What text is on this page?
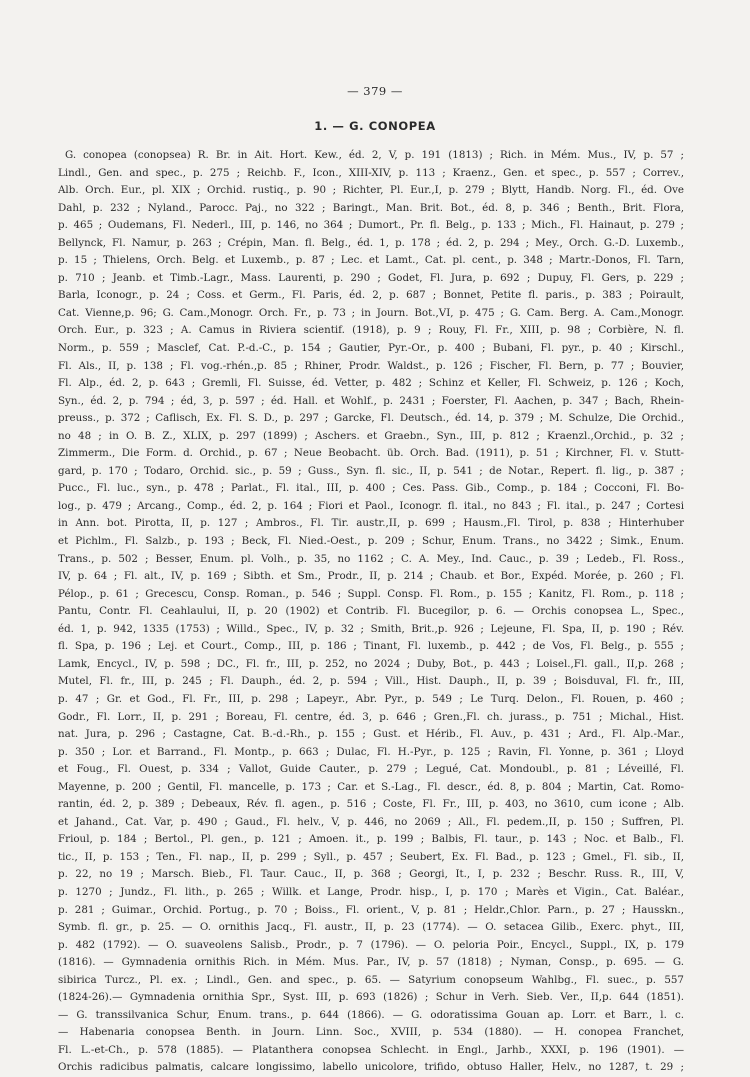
— 379 —
1. — G. CONOPEA
G. conopea (conopsea) R. Br. in Ait. Hort. Kew., éd. 2, V, p. 191 (1813) ; Rich. in Mém. Mus., IV, p. 57 ;
Lindl., Gen. and spec., p. 275 ; Reichb. F., Icon., XIII-XIV, p. 113 ; Kraenz., Gen. et spec., p. 557 ; Correv.,
Alb. Orch. Eur., pl. XIX ; Orchid. rustiq., p. 90 ; Richter, Pl. Eur.,I, p. 279 ; Blytt, Handb. Norg. Fl., éd. Ove
Dahl, p. 232 ; Nyland., Parocc. Paj., no 322 ; Baringt., Man. Brit. Bot., éd. 8, p. 346 ; Benth., Brit. Flora,
p. 465 ; Oudemans, Fl. Nederl., III, p. 146, no 364 ; Dumort., Pr. fl. Belg., p. 133 ; Mich., Fl. Hainaut, p. 279 ;
Bellynck, Fl. Namur, p. 263 ; Crépin, Man. fl. Belg., éd. 1, p. 178 ; éd. 2, p. 294 ; Mey., Orch. G.-D. Luxemb.,
p. 15 ; Thielens, Orch. Belg. et Luxemb., p. 87 ; Lec. et Lamt., Cat. pl. cent., p. 348 ; Martr.-Donos, Fl. Tarn,
p. 710 ; Jeanb. et Timb.-Lagr., Mass. Laurenti, p. 290 ; Godet, Fl. Jura, p. 692 ; Dupuy, Fl. Gers, p. 229 ;
Barla, Iconogr., p. 24 ; Coss. et Germ., Fl. Paris, éd. 2, p. 687 ; Bonnet, Petite fl. paris., p. 383 ; Poirault,
Cat. Vienne,p. 96; G. Cam.,Monogr. Orch. Fr., p. 73 ; in Journ. Bot.,VI, p. 475 ; G. Cam. Berg. A. Cam.,Monogr.
Orch. Eur., p. 323 ; A. Camus in Riviera scientif. (1918), p. 9 ; Rouy, Fl. Fr., XIII, p. 98 ; Corbière, N. fl.
Norm., p. 559 ; Masclef, Cat. P.-d.-C., p. 154 ; Gautier, Pyr.-Or., p. 400 ; Bubani, Fl. pyr., p. 40 ; Kirschl.,
Fl. Als., II, p. 138 ; Fl. vog.-rhén.,p. 85 ; Rhiner, Prodr. Waldst., p. 126 ; Fischer, Fl. Bern, p. 77 ; Bouvier,
Fl. Alp., éd. 2, p. 643 ; Gremli, Fl. Suisse, éd. Vetter, p. 482 ; Schinz et Keller, Fl. Schweiz, p. 126 ; Koch,
Syn., éd. 2, p. 794 ; éd, 3, p. 597 ; éd. Hall. et Wohlf., p. 2431 ; Foerster, Fl. Aachen, p. 347 ; Bach, Rhein-
preuss., p. 372 ; Caflisch, Ex. Fl. S. D., p. 297 ; Garcke, Fl. Deutsch., éd. 14, p. 379 ; M. Schulze, Die Orchid.,
no 48 ; in O. B. Z., XLIX, p. 297 (1899) ; Aschers. et Graebn., Syn., III, p. 812 ; Kraenzl.,Orchid., p. 32 ;
Zimmerm., Die Form. d. Orchid., p. 67 ; Neue Beobacht. üb. Orch. Bad. (1911), p. 51 ; Kirchner, Fl. v. Stutt-
gard, p. 170 ; Todaro, Orchid. sic., p. 59 ; Guss., Syn. fl. sic., II, p. 541 ; de Notar., Repert. fl. lig., p. 387 ;
Pucc., Fl. luc., syn., p. 478 ; Parlat., Fl. ital., III, p. 400 ; Ces. Pass. Gib., Comp., p. 184 ; Cocconi, Fl. Bo-
log., p. 479 ; Arcang., Comp., éd. 2, p. 164 ; Fiori et Paol., Iconogr. fl. ital., no 843 ; Fl. ital., p. 247 ; Cortesi
in Ann. bot. Pirotta, II, p. 127 ; Ambros., Fl. Tir. austr.,II, p. 699 ; Hausm.,Fl. Tirol, p. 838 ; Hinterhuber
et Pichlm., Fl. Salzb., p. 193 ; Beck, Fl. Nied.-Oest., p. 209 ; Schur, Enum. Trans., no 3422 ; Simk., Enum.
Trans., p. 502 ; Besser, Enum. pl. Volh., p. 35, no 1162 ; C. A. Mey., Ind. Cauc., p. 39 ; Ledeb., Fl. Ross.,
IV, p. 64 ; Fl. alt., IV, p. 169 ; Sibth. et Sm., Prodr., II, p. 214 ; Chaub. et Bor., Expéd. Morée, p. 260 ; Fl.
Pélop., p. 61 ; Grecescu, Consp. Roman., p. 546 ; Suppl. Consp. Fl. Rom., p. 155 ; Kanitz, Fl. Rom., p. 118 ;
Pantu, Contr. Fl. Ceahlaului, II, p. 20 (1902) et Contrib. Fl. Bucegilor, p. 6. — Orchis conopsea L., Spec.,
éd. 1, p. 942, 1335 (1753) ; Willd., Spec., IV, p. 32 ; Smith, Brit.,p. 926 ; Lejeune, Fl. Spa, II, p. 190 ; Rév.
fl. Spa, p. 196 ; Lej. et Court., Comp., III, p. 186 ; Tinant, Fl. luxemb., p. 442 ; de Vos, Fl. Belg., p. 555 ;
Lamk, Encycl., IV, p. 598 ; DC., Fl. fr., III, p. 252, no 2024 ; Duby, Bot., p. 443 ; Loisel.,Fl. gall., II,p. 268 ;
Mutel, Fl. fr., III, p. 245 ; Fl. Dauph., éd. 2, p. 594 ; Vill., Hist. Dauph., II, p. 39 ; Boisduval, Fl. fr., III,
p. 47 ; Gr. et God., Fl. Fr., III, p. 298 ; Lapeyr., Abr. Pyr., p. 549 ; Le Turq. Delon., Fl. Rouen, p. 460 ;
Godr., Fl. Lorr., II, p. 291 ; Boreau, Fl. centre, éd. 3, p. 646 ; Gren.,Fl. ch. jurass., p. 751 ; Michal., Hist.
nat. Jura, p. 296 ; Castagne, Cat. B.-d.-Rh., p. 155 ; Gust. et Hérib., Fl. Auv., p. 431 ; Ard., Fl. Alp.-Mar.,
p. 350 ; Lor. et Barrand., Fl. Montp., p. 663 ; Dulac, Fl. H.-Pyr., p. 125 ; Ravin, Fl. Yonne, p. 361 ; Lloyd
et Foug., Fl. Ouest, p. 334 ; Vallot, Guide Cauter., p. 279 ; Legué, Cat. Mondoubl., p. 81 ; Léveillé, Fl.
Mayenne, p. 200 ; Gentil, Fl. mancelle, p. 173 ; Car. et S.-Lag., Fl. descr., éd. 8, p. 804 ; Martin, Cat. Romo-
rantin, éd. 2, p. 389 ; Debeaux, Rév. fl. agen., p. 516 ; Coste, Fl. Fr., III, p. 403, no 3610, cum icone ; Alb.
et Jahand., Cat. Var, p. 490 ; Gaud., Fl. helv., V, p. 446, no 2069 ; All., Fl. pedem.,II, p. 150 ; Suffren, Pl.
Frioul, p. 184 ; Bertol., Pl. gen., p. 121 ; Amoen. it., p. 199 ; Balbis, Fl. taur., p. 143 ; Noc. et Balb., Fl.
tic., II, p. 153 ; Ten., Fl. nap., II, p. 299 ; Syll., p. 457 ; Seubert, Ex. Fl. Bad., p. 123 ; Gmel., Fl. sib., II,
p. 22, no 19 ; Marsch. Bieb., Fl. Taur. Cauc., II, p. 368 ; Georgi, It., I, p. 232 ; Beschr. Russ. R., III, V,
p. 1270 ; Jundz., Fl. lith., p. 265 ; Willk. et Lange, Prodr. hisp., I, p. 170 ; Marès et Vigin., Cat. Baléar.,
p. 281 ; Guimar., Orchid. Portug., p. 70 ; Boiss., Fl. orient., V, p. 81 ; Heldr.,Chlor. Parn., p. 27 ; Hausskn.,
Symb. fl. gr., p. 25. — O. ornithis Jacq., Fl. austr., II, p. 23 (1774). — O. setacea Gilib., Exerc. phyt., III,
p. 482 (1792). — O. suaveolens Salisb., Prodr., p. 7 (1796). — O. peloria Poir., Encycl., Suppl., IX, p. 179
(1816). — Gymnadenia ornithis Rich. in Mém. Mus. Par., IV, p. 57 (1818) ; Nyman, Consp., p. 695. — G.
sibirica Turcz., Pl. ex. ; Lindl., Gen. and spec., p. 65. — Satyrium conopseum Wahlbg., Fl. suec., p. 557
(1824-26).— Gymnadenia ornithia Spr., Syst. III, p. 693 (1826) ; Schur in Verh. Sieb. Ver., II,p. 644 (1851).
— G. transsilvanica Schur, Enum. trans., p. 644 (1866). — G. odoratissima Gouan ap. Lorr. et Barr., l. c.
— Habenaria conopsea Benth. in Journ. Linn. Soc., XVIII, p. 534 (1880). — H. conopea Franchet,
Fl. L.-et-Ch., p. 578 (1885). — Platanthera conopsea Schlecht. in Engl., Jarhb., XXXI, p. 196 (1901). —
Orchis radicibus palmatis, calcare longissimo, labello unicolore, trifido, obtuso Haller, Helv., no 1287, t. 29 ;
